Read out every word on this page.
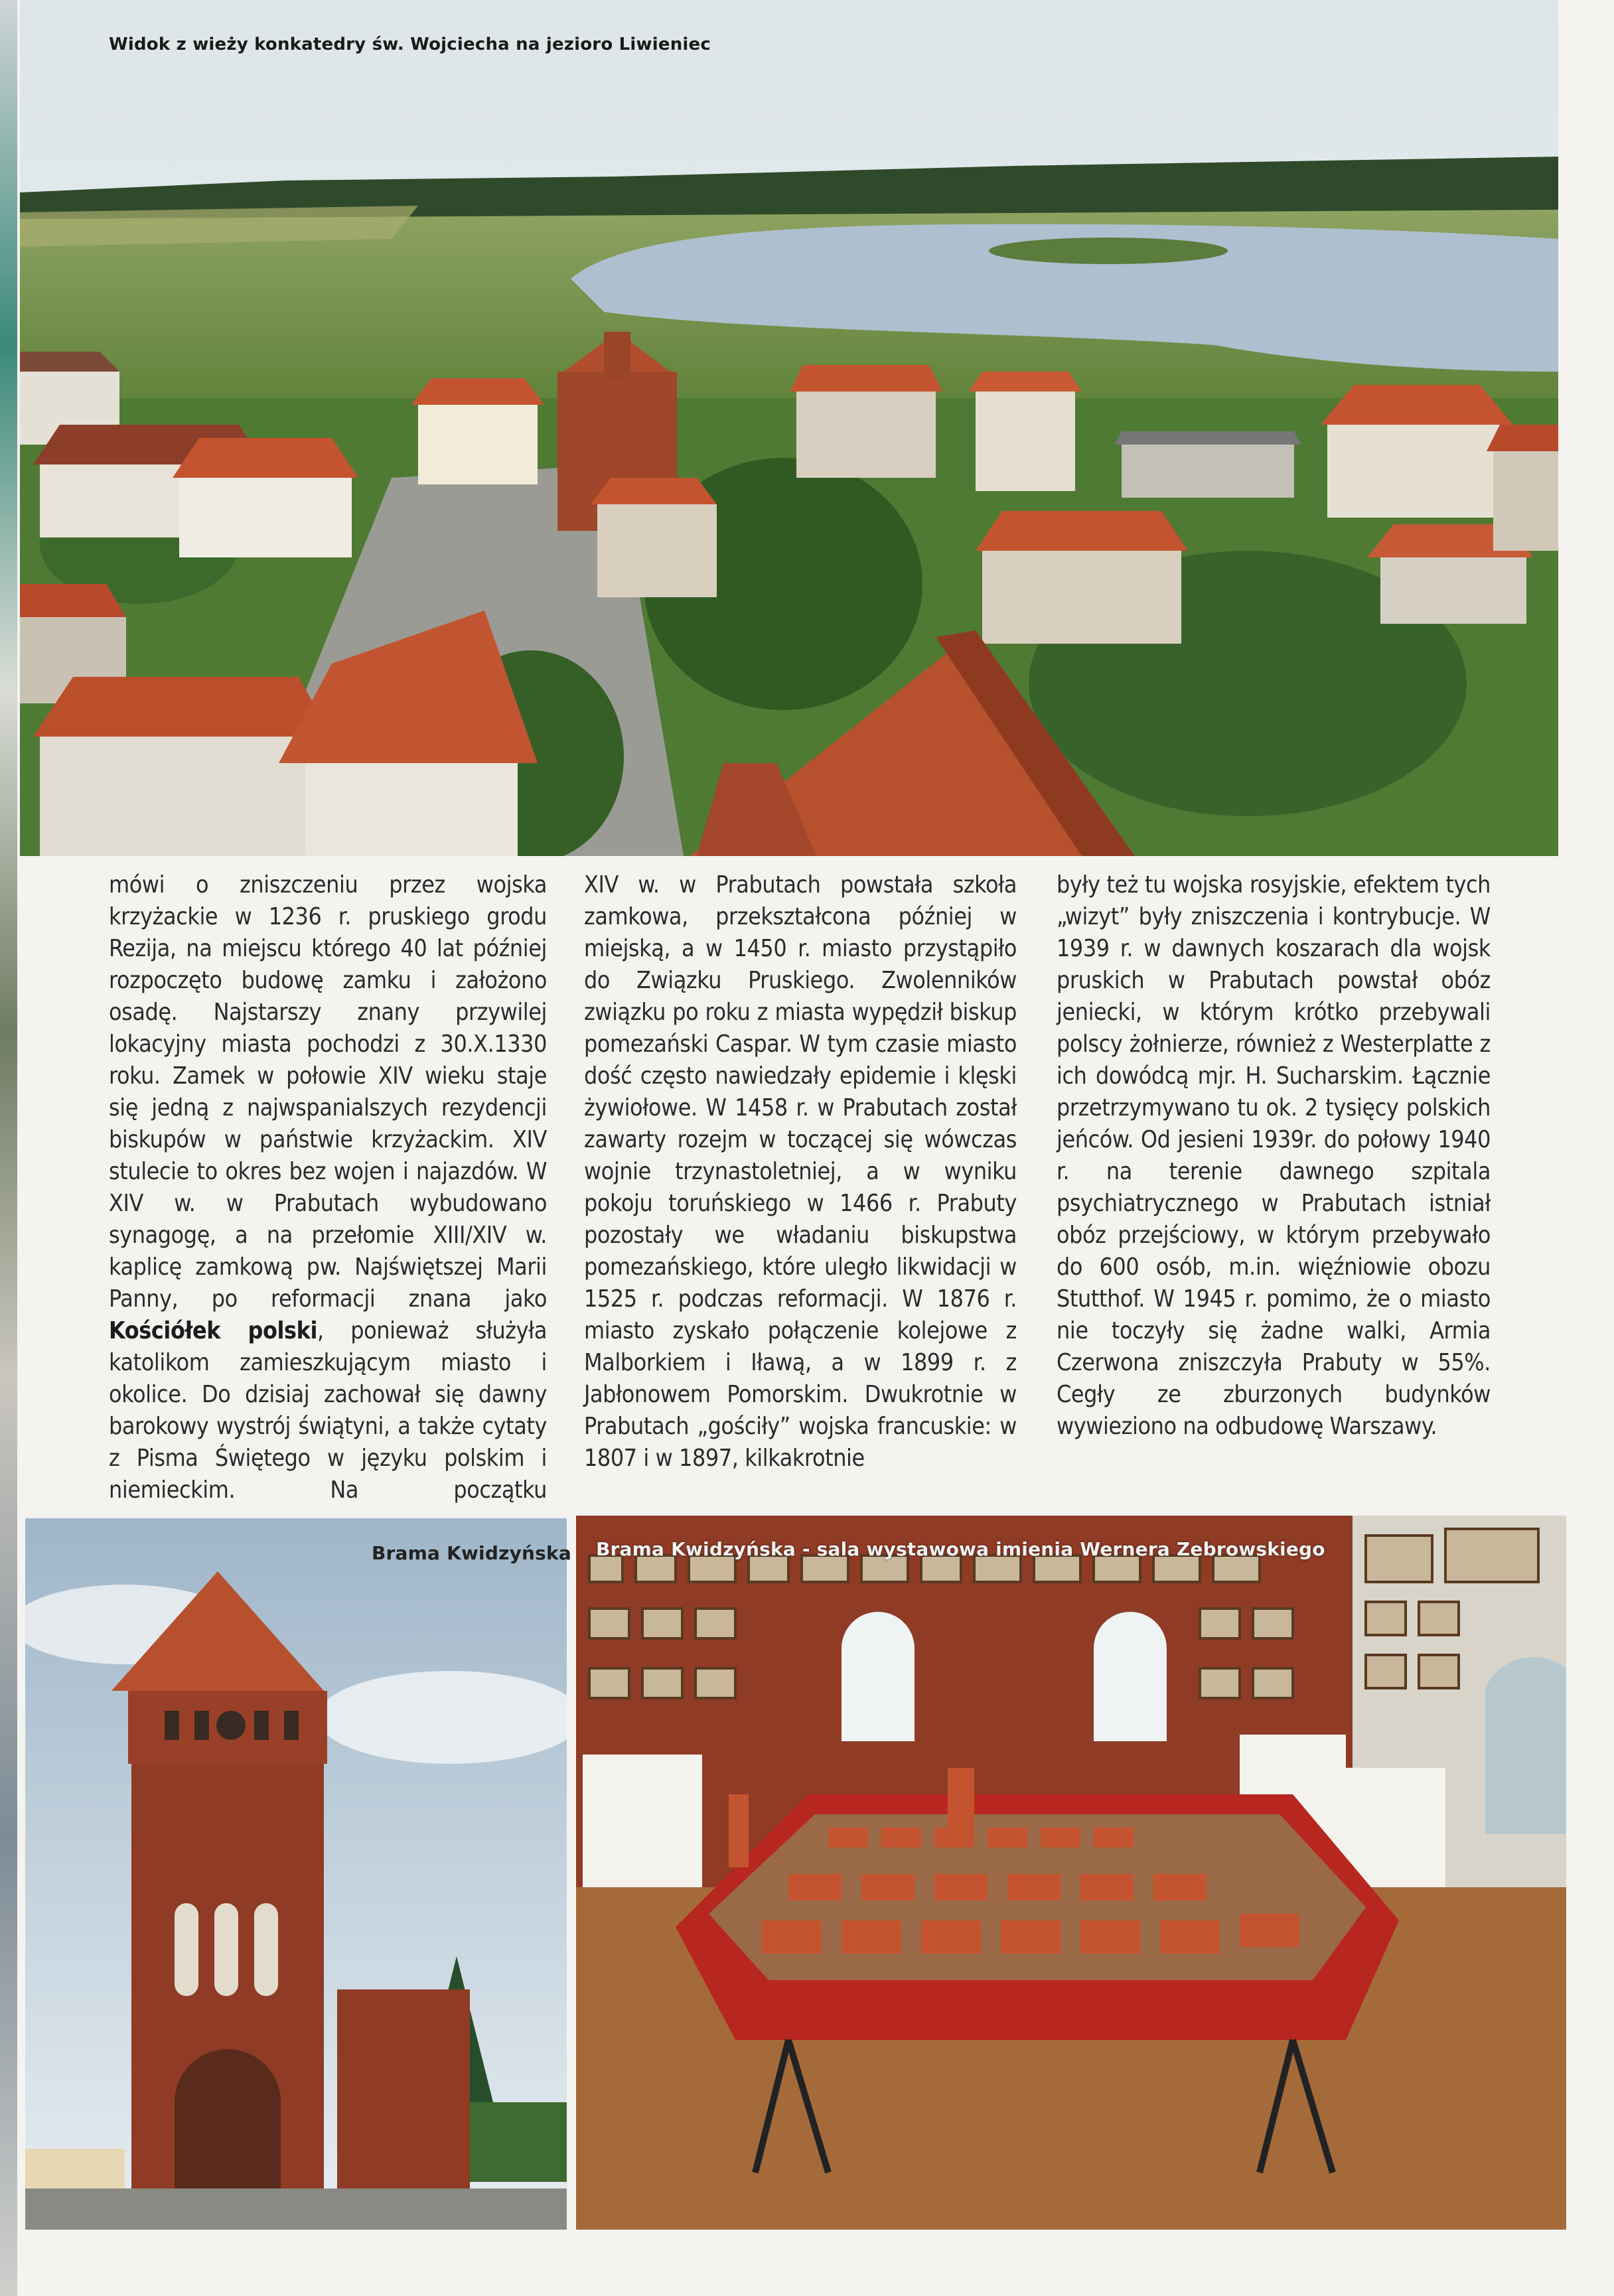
Widok z wieży konkatedry św. Wojciecha na jezioro Liwieniec

mówi o zniszczeniu przez wojska krzyżackie w 1236 r. pruskiego grodu Rezija, na miejscu którego 40 lat później rozpoczęto budowę zamku i założono osadę. Najstarszy znany przywilej lokacyjny miasta pochodzi z 30.X.1330 roku. Zamek w połowie XIV wieku staje się jedną z najwspanialszych rezydencji biskupów w państwie krzyżackim. XIV stulecie to okres bez wojen i najazdów. W XIV w. w Prabutach wybudowano synagogę, a na przełomie XIII/XIV w. kaplicę zamkową pw. Najświętszej Marii Panny, po reformacji znana jako Kościółek polski, ponieważ służyła katolikom zamieszkującym miasto i okolice. Do dzisiaj zachował się dawny barokowy wystrój świątyni, a także cytaty z Pisma Świętego w języku polskim i niemieckim. Na początku

XIV w. w Prabutach powstała szkoła zamkowa, przekształcona później w miejską, a w 1450 r. miasto przystąpiło do Związku Pruskiego. Zwolenników związku po roku z miasta wypędził biskup pomezański Caspar. W tym czasie miasto dość często nawiedzały epidemie i klęski żywiołowe. W 1458 r. w Prabutach został zawarty rozejm w toczącej się wówczas wojnie trzynastoletniej, a w wyniku pokoju toruńskiego w 1466 r. Prabuty pozostały we władaniu biskupstwa pomezańskiego, które uległo likwidacji w 1525 r. podczas reformacji. W 1876 r. miasto zyskało połączenie kolejowe z Malborkiem i Iławą, a w 1899 r. z Jabłonowem Pomorskim. Dwukrotnie w Prabutach „gościły” wojska francuskie: w 1807 i w 1897, kilkakrotnie

były też tu wojska rosyjskie, efektem tych „wizyt” były zniszczenia i kontrybucje. W 1939 r. w dawnych koszarach dla wojsk pruskich w Prabutach powstał obóz jeniecki, w którym krótko przebywali polscy żołnierze, również z Westerplatte z ich dowódcą mjr. H. Sucharskim. Łącznie przetrzymywano tu ok. 2 tysięcy polskich jeńców. Od jesieni 1939r. do połowy 1940 r. na terenie dawnego szpitala psychiatrycznego w Prabutach istniał obóz przejściowy, w którym przebywało do 600 osób, m.in. więźniowie obozu Stutthof. W 1945 r. pomimo, że o miasto nie toczyły się żadne walki, Armia Czerwona zniszczyła Prabuty w 55%. Cegły ze zburzonych budynków wywieziono na odbudowę Warszawy.

Brama Kwidzyńska Brama Kwidzyńska - sala wystawowa imienia Wernera Zebrowskiego
